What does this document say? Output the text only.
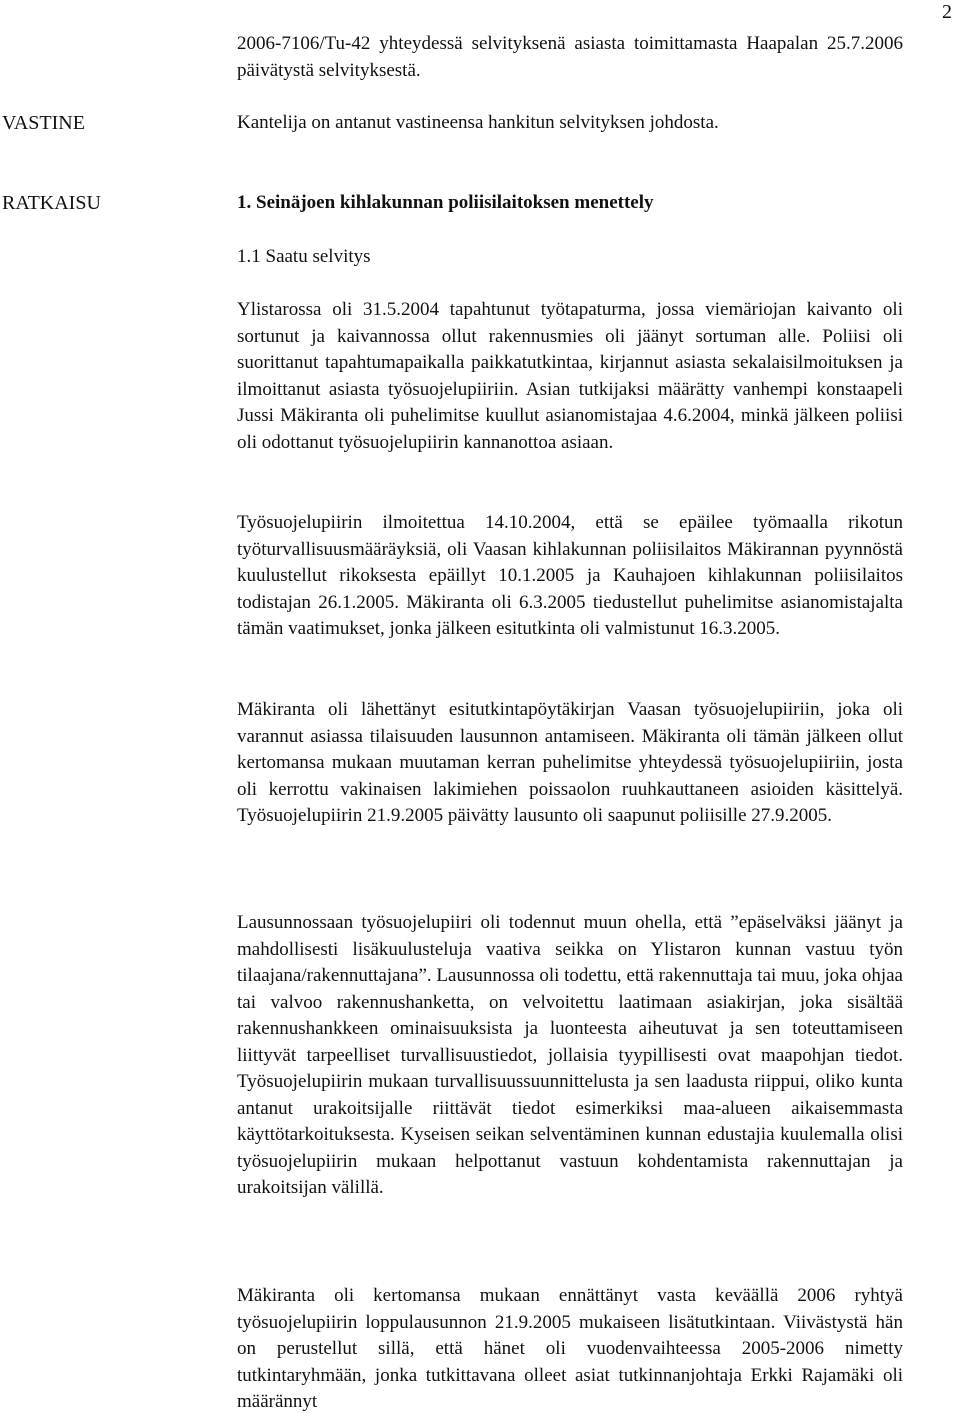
2

2006-7106/Tu-42 yhteydessä selvityksenä asiasta toimittamasta Haapalan 25.7.2006 päivätystä selvityksestä.

VASTINE	Kantelija on antanut vastineensa hankitun selvityksen johdosta.

RATKAISU	1. Seinäjoen kihlakunnan poliisilaitoksen menettely

1.1 Saatu selvitys

Ylistarossa oli 31.5.2004 tapahtunut työtapaturma, jossa viemäriojan kaivanto oli sortunut ja kaivannossa ollut rakennusmies oli jäänyt sortuman alle. Poliisi oli suorittanut tapahtumapaikalla paikkatutkintaa, kirjannut asiasta sekalaisilmoituksen ja ilmoittanut asiasta työsuojelupiiriin. Asian tutkijaksi määrätty vanhempi konstaapeli Jussi Mäkiranta oli puhelimitse kuullut asianomistajaa 4.6.2004, minkä jälkeen poliisi oli odottanut työsuojelupiirin kannanottoa asiaan.

Työsuojelupiirin ilmoitettua 14.10.2004, että se epäilee työmaalla rikotun työturvallisuusmääräyksiä, oli Vaasan kihlakunnan poliisilaitos Mäkirannan pyynnöstä kuulustellut rikoksesta epäillyt 10.1.2005 ja Kauhajoen kihlakunnan poliisilaitos todistajan 26.1.2005. Mäkiranta oli 6.3.2005 tiedustellut puhelimitse asianomistajalta tämän vaatimukset, jonka jälkeen esitutkinta oli valmistunut 16.3.2005.

Mäkiranta oli lähettänyt esitutkintapöytäkirjan Vaasan työsuojelupiiriin, joka oli varannut asiassa tilaisuuden lausunnon antamiseen. Mäkiranta oli tämän jälkeen ollut kertomansa mukaan muutaman kerran puhelimitse yhteydessä työsuojelupiiriin, josta oli kerrottu vakinaisen lakimiehen poissaolon ruuhkauttaneen asioiden käsittelyä. Työsuojelupiirin 21.9.2005 päivätty lausunto oli saapunut poliisille 27.9.2005.

Lausunnossaan työsuojelupiiri oli todennut muun ohella, että ”epäselväksi jäänyt ja mahdollisesti lisäkuulusteluja vaativa seikka on Ylistaron kunnan vastuu työn tilaajana/rakennuttajana”. Lausunnossa oli todettu, että rakennuttaja tai muu, joka ohjaa tai valvoo rakennushanketta, on velvoitettu laatimaan asiakirjan, joka sisältää rakennushankkeen ominaisuuksista ja luonteesta aiheutuvat ja sen toteuttamiseen liittyvät tarpeelliset turvallisuustiedot, jollaisia tyypillisesti ovat maapohjan tiedot. Työsuojelupiirin mukaan turvallisuussuunnittelusta ja sen laadusta riippui, oliko kunta antanut urakoitsijalle riittävät tiedot esimerkiksi maa-alueen aikaisemmasta käyttötarkoituksesta. Kyseisen seikan selventäminen kunnan edustajia kuulemalla olisi työsuojelupiirin mukaan helpottanut vastuun kohdentamista rakennuttajan ja urakoitsijan välillä.

Mäkiranta oli kertomansa mukaan ennättänyt vasta keväällä 2006 ryhtyä työsuojelupiirin loppulausunnon 21.9.2005 mukaiseen lisätutkintaan. Viivästystä hän on perustellut sillä, että hänet oli vuodenvaihteessa 2005-2006 nimetty tutkintaryhmään, jonka tutkittavana olleet asiat tutkinnanjohtaja Erkki Rajamäki oli määrännyt
